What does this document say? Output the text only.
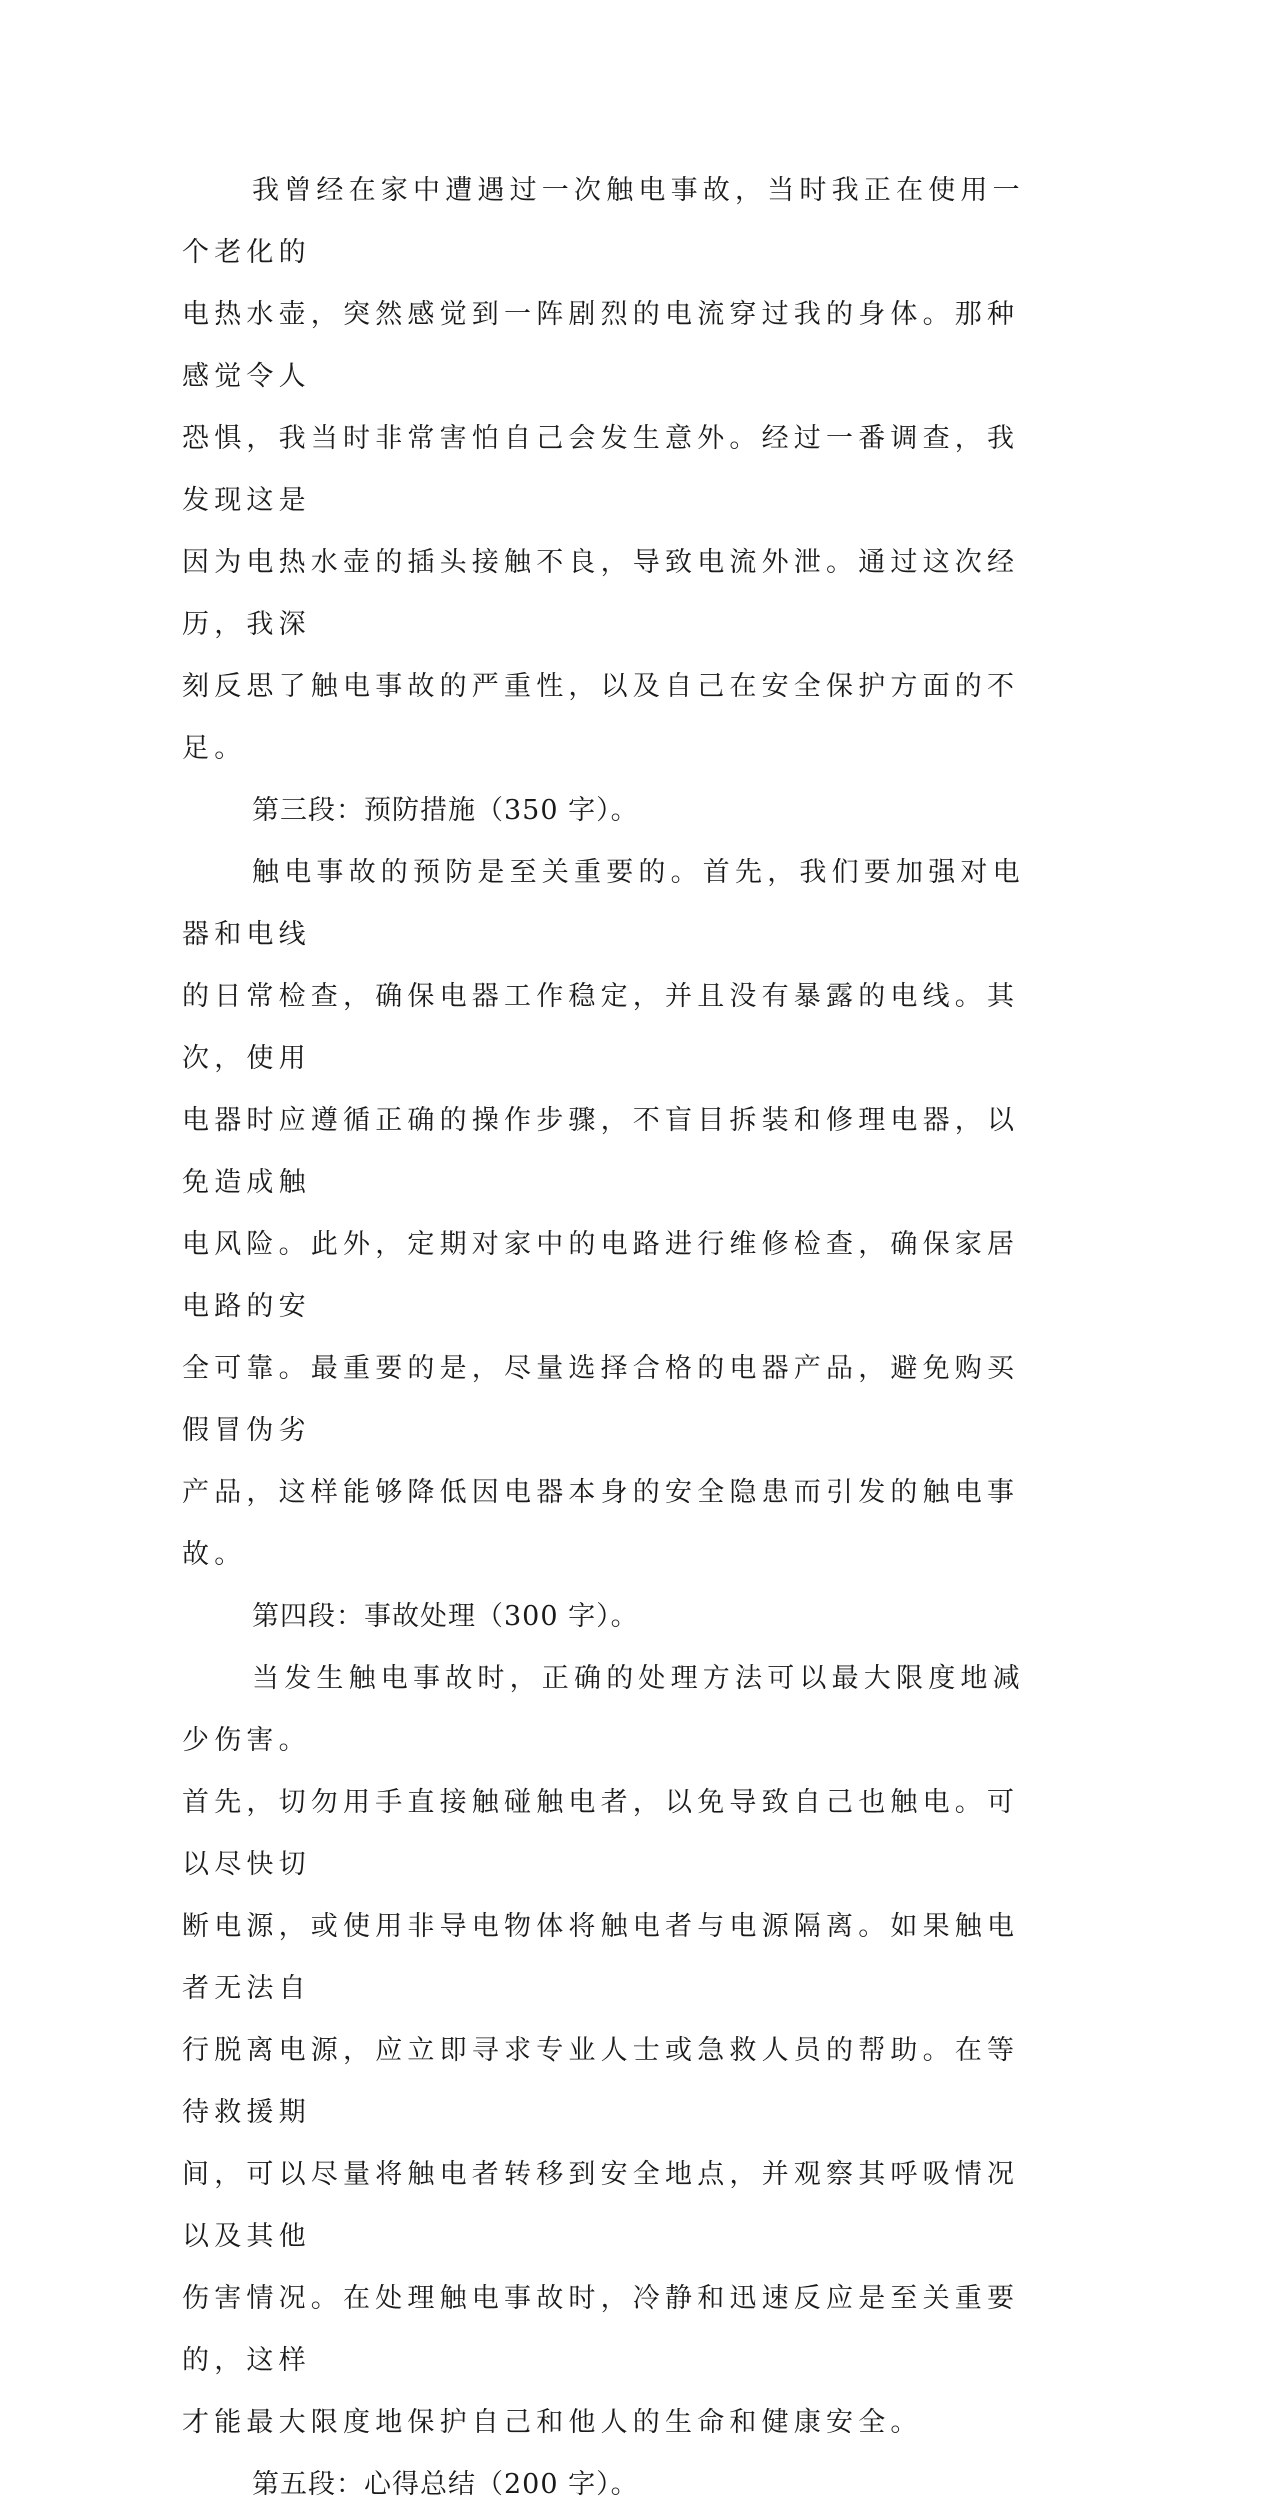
我曾经在家中遭遇过一次触电事故，当时我正在使用一个老化的
电热水壶，突然感觉到一阵剧烈的电流穿过我的身体。那种感觉令人
恐惧，我当时非常害怕自己会发生意外。经过一番调查，我发现这是
因为电热水壶的插头接触不良，导致电流外泄。通过这次经历，我深
刻反思了触电事故的严重性，以及自己在安全保护方面的不足。

第三段：预防措施（350 字）。

触电事故的预防是至关重要的。首先，我们要加强对电器和电线
的日常检查，确保电器工作稳定，并且没有暴露的电线。其次，使用
电器时应遵循正确的操作步骤，不盲目拆装和修理电器，以免造成触
电风险。此外，定期对家中的电路进行维修检查，确保家居电路的安
全可靠。最重要的是，尽量选择合格的电器产品，避免购买假冒伪劣
产品，这样能够降低因电器本身的安全隐患而引发的触电事故。

第四段：事故处理（300 字）。

当发生触电事故时，正确的处理方法可以最大限度地减少伤害。
首先，切勿用手直接触碰触电者，以免导致自己也触电。可以尽快切
断电源，或使用非导电物体将触电者与电源隔离。如果触电者无法自
行脱离电源，应立即寻求专业人士或急救人员的帮助。在等待救援期
间，可以尽量将触电者转移到安全地点，并观察其呼吸情况以及其他
伤害情况。在处理触电事故时，冷静和迅速反应是至关重要的，这样
才能最大限度地保护自己和他人的生命和健康安全。

第五段：心得总结（200 字）。
